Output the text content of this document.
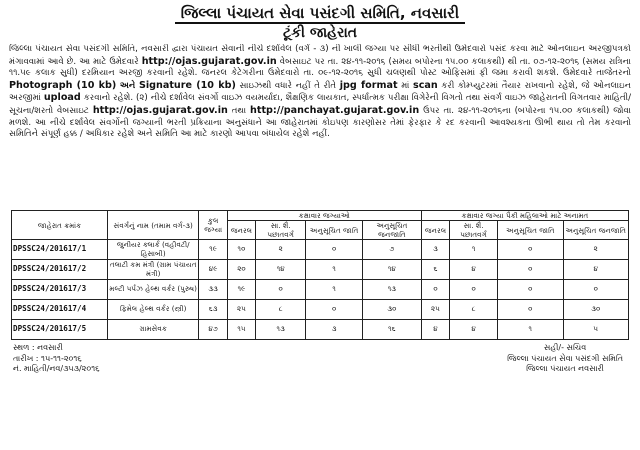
જિલ્લા પંચાયત સેવા પસંદગી સમિતિ, નવસારી
ટૂંકી જાહેરાત
જિલ્લા પંચાયત સેવા પસંદગી સમિતિ, નવસારી દ્વારા પંચાયત સેવાની નીચે દર્શાવેલ (વર્ગ - ૩) ની ખાલી જગ્યા પર સીધી ભરતીથી ઉમેદવારો પસંદ કરવા માટે ઓનલાઇન અરજીપત્રકો મંગાવવામાં આવે છે. આ માટે ઉમેદવારે http://ojas.gujarat.gov.in વેબસાઇટ પર તા. ૨૪-૧૧-૨૦૧૬ (સમય બપોરના ૧૫.૦૦ કલાકથી) થી તા. ૦૭-૧૨-૨૦૧૬ (સમય રાત્રિના ૧૧.૫૯ કલાક સુધી) દરમિયાન અરજી કરવાની રહેશે. જનરલ કેટેગરીના ઉમેદવારો તા. ૦૯-૧૨-૨૦૧૬ સુધી ચલણથી પોસ્ટ ઓફિસમાં ફી જમા કરાવી શકશે. ઉમેદવારે તાજેતરનો Photograph (10 kb) અને Signature (10 kb) સાઇઝથી વધારે નહીં તે રીતે jpg format માં scan કરી કોમ્પ્યુટરમાં તૈયાર રાખવાનો રહેશે, જે ઓનલાઇન અરજીમાં upload કરવાનો રહેશે. (૨) નીચે દર્શાવેલ સંવર્ગો વાઇઝ વયમર્યાદા, શૈક્ષણિક લાયકાત, સ્પર્ધાત્મક પરીક્ષા વિગેરેની વિગતો તથા સંવર્ગ વાઇઝ જાહેરાતની વિગતવાર માહિતી/સૂચના/શરતો વેબસાઇટ http://ojas.gujarat.gov.in તથા http://panchayat.gujarat.gov.in ઉપર તા. ૨૪-૧૧-૨૦૧૬ના (બપોરના ૧૫.૦૦ કલાકથી) જોવા મળશે. આ નીચે દર્શાવેલ સંવર્ગોની જગ્યાની ભરતી પ્રક્રિયાના અનુસંધાને આ જાહેરાતમાં કોઇપણ કારણોસર તેમાં ફેરફાર કે રદ કરવાની આવશ્યકતા ઊભી થાય તો તેમ કરવાનો સમિતિને સંપૂર્ણ હક્ક / અધિકાર રહેશે અને સમિતિ આ માટે કારણો આપવા બંધાયેલ રહેશે નહીં.
જાહેરાત ક્રમાંક	સંવર્ગનું નામ (તમામ વર્ગ-૩)	કુલ જગ્યા	કક્ષાવાર જગ્યાઓ				કક્ષાવાર જગ્યા પૈકી મહિલાઓ માટે અનામત			
			જનરલ	સા. શૈ. પછાતવર્ગ	અનુસૂચિત જાતિ	અનુસૂચિત જનજાતિ	જનરલ	સા. શૈ. પછાતવર્ગ	અનુસૂચિત જાતિ	અનુસૂચિત જનજાતિ
DPSSC24/201617/1	જુનીયર ક્લાર્ક (વહીવટી/હિસાબી)	૧૯	૧૦	૨	૦	૭	૩	૧	૦	૨
DPSSC24/201617/2	તલાટી કમ મંત્રી (ગ્રામ પંચાયત મંત્રી)	૪૯	૨૦	૧૪	૧	૧૪	૬	૪	૦	૪
DPSSC24/201617/3	મલ્ટી પર્પઝ હેલ્થ વર્કર (પુરુષ)	૩૩	૧૯	૦	૧	૧૩	૦	૦	૦	૦
DPSSC24/201617/4	ફિમેલ હેલ્થ વર્કર (સ્ત્રી)	૬૩	૨૫	૮	૦	૩૦	૨૫	૮	૦	૩૦
DPSSC24/201617/5	ગ્રામસેવક	૪૭	૧૫	૧૩	૩	૧૬	૪	૪	૧	૫
સ્થળ : નવસારી
તારીખ : ૧૫-૧૧-૨૦૧૬
નં. માહિતી/નવ/૩૫૩/૨૦૧૬
સહી/- સચિવ
જિલ્લા પંચાયત સેવા પસંદગી સમિતિ
જિલ્લા પંચાયત નવસારી
